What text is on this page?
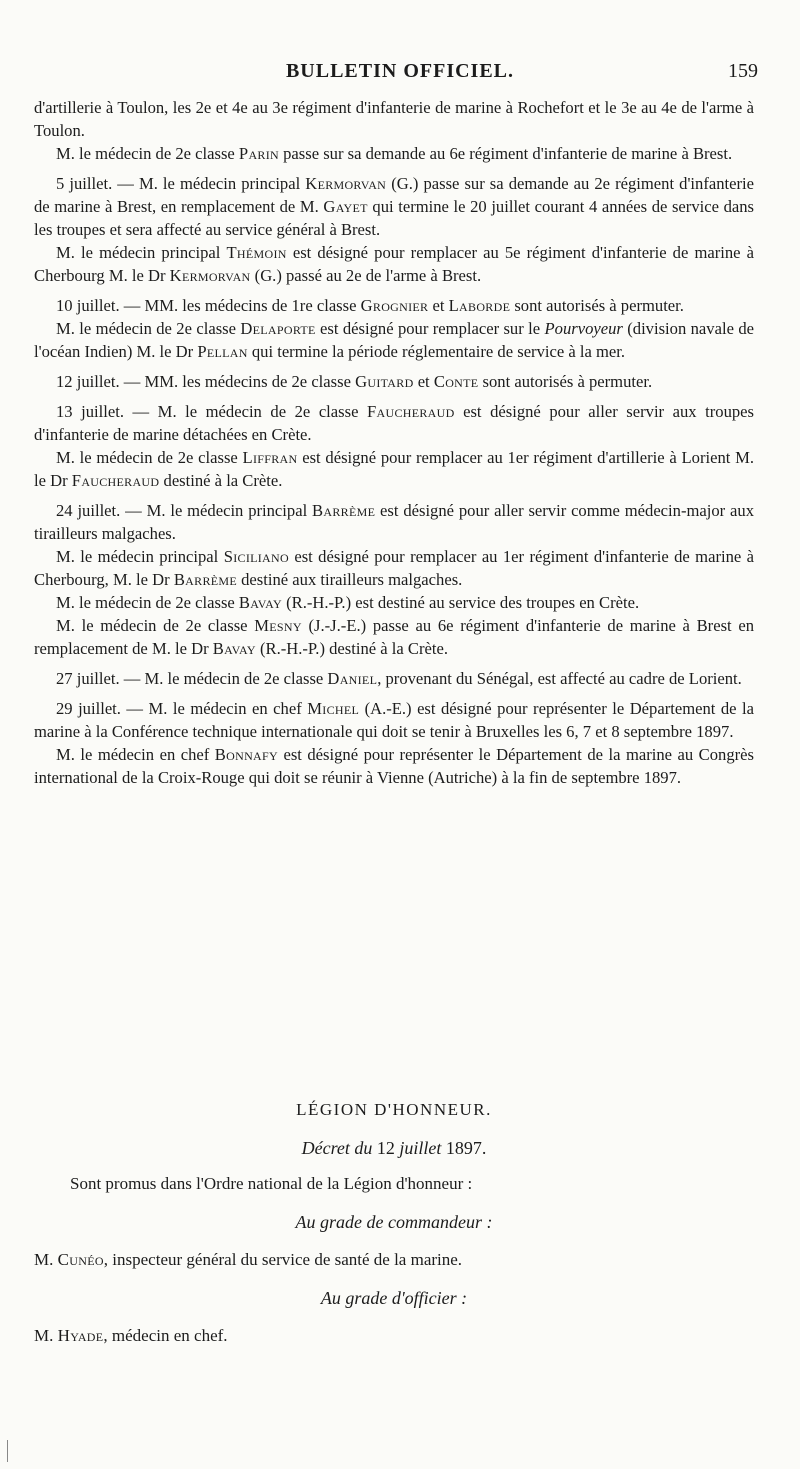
BULLETIN OFFICIEL.	159

d'artillerie à Toulon, les 2e et 4e au 3e régiment d'infanterie de marine à Rochefort et le 3e au 4e de l'arme à Toulon.

M. le médecin de 2e classe Parin passe sur sa demande au 6e régiment d'infanterie de marine à Brest.

5 juillet. — M. le médecin principal Kermorvan (G.) passe sur sa demande au 2e régiment d'infanterie de marine à Brest, en remplacement de M. Gayet qui termine le 20 juillet courant 4 années de service dans les troupes et sera affecté au service général à Brest.

M. le médecin principal Thémoin est désigné pour remplacer au 5e régiment d'infanterie de marine à Cherbourg M. le Dr Kermorvan (G.) passé au 2e de l'arme à Brest.

10 juillet. — MM. les médecins de 1re classe Grognier et Laborde sont autorisés à permuter.

M. le médecin de 2e classe Delaporte est désigné pour remplacer sur le Pourvoyeur (division navale de l'océan Indien) M. le Dr Pellan qui termine la période réglementaire de service à la mer.

12 juillet. — MM. les médecins de 2e classe Guitard et Conte sont autorisés à permuter.

13 juillet. — M. le médecin de 2e classe Faucheraud est désigné pour aller servir aux troupes d'infanterie de marine détachées en Crète.

M. le médecin de 2e classe Liffran est désigné pour remplacer au 1er régiment d'artillerie à Lorient M. le Dr Faucheraud destiné à la Crète.

24 juillet. — M. le médecin principal Barrème est désigné pour aller servir comme médecin-major aux tirailleurs malgaches.

M. le médecin principal Siciliano est désigné pour remplacer au 1er régiment d'infanterie de marine à Cherbourg, M. le Dr Barrème destiné aux tirailleurs malgaches.

M. le médecin de 2e classe Bavay (R.-H.-P.) est destiné au service des troupes en Crète.

M. le médecin de 2e classe Mesny (J.-J.-E.) passe au 6e régiment d'infanterie de marine à Brest en remplacement de M. le Dr Bavay (R.-H.-P.) destiné à la Crète.

27 juillet. — M. le médecin de 2e classe Daniel, provenant du Sénégal, est affecté au cadre de Lorient.

29 juillet. — M. le médecin en chef Michel (A.-E.) est désigné pour représenter le Département de la marine à la Conférence technique internationale qui doit se tenir à Bruxelles les 6, 7 et 8 septembre 1897.

M. le médecin en chef Bonnafy est désigné pour représenter le Département de la marine au Congrès international de la Croix-Rouge qui doit se réunir à Vienne (Autriche) à la fin de septembre 1897.

LÉGION D'HONNEUR.

Décret du 12 juillet 1897.

Sont promus dans l'Ordre national de la Légion d'honneur :

Au grade de commandeur :

M. Cunéo, inspecteur général du service de santé de la marine.

Au grade d'officier :

M. Hyade, médecin en chef.
